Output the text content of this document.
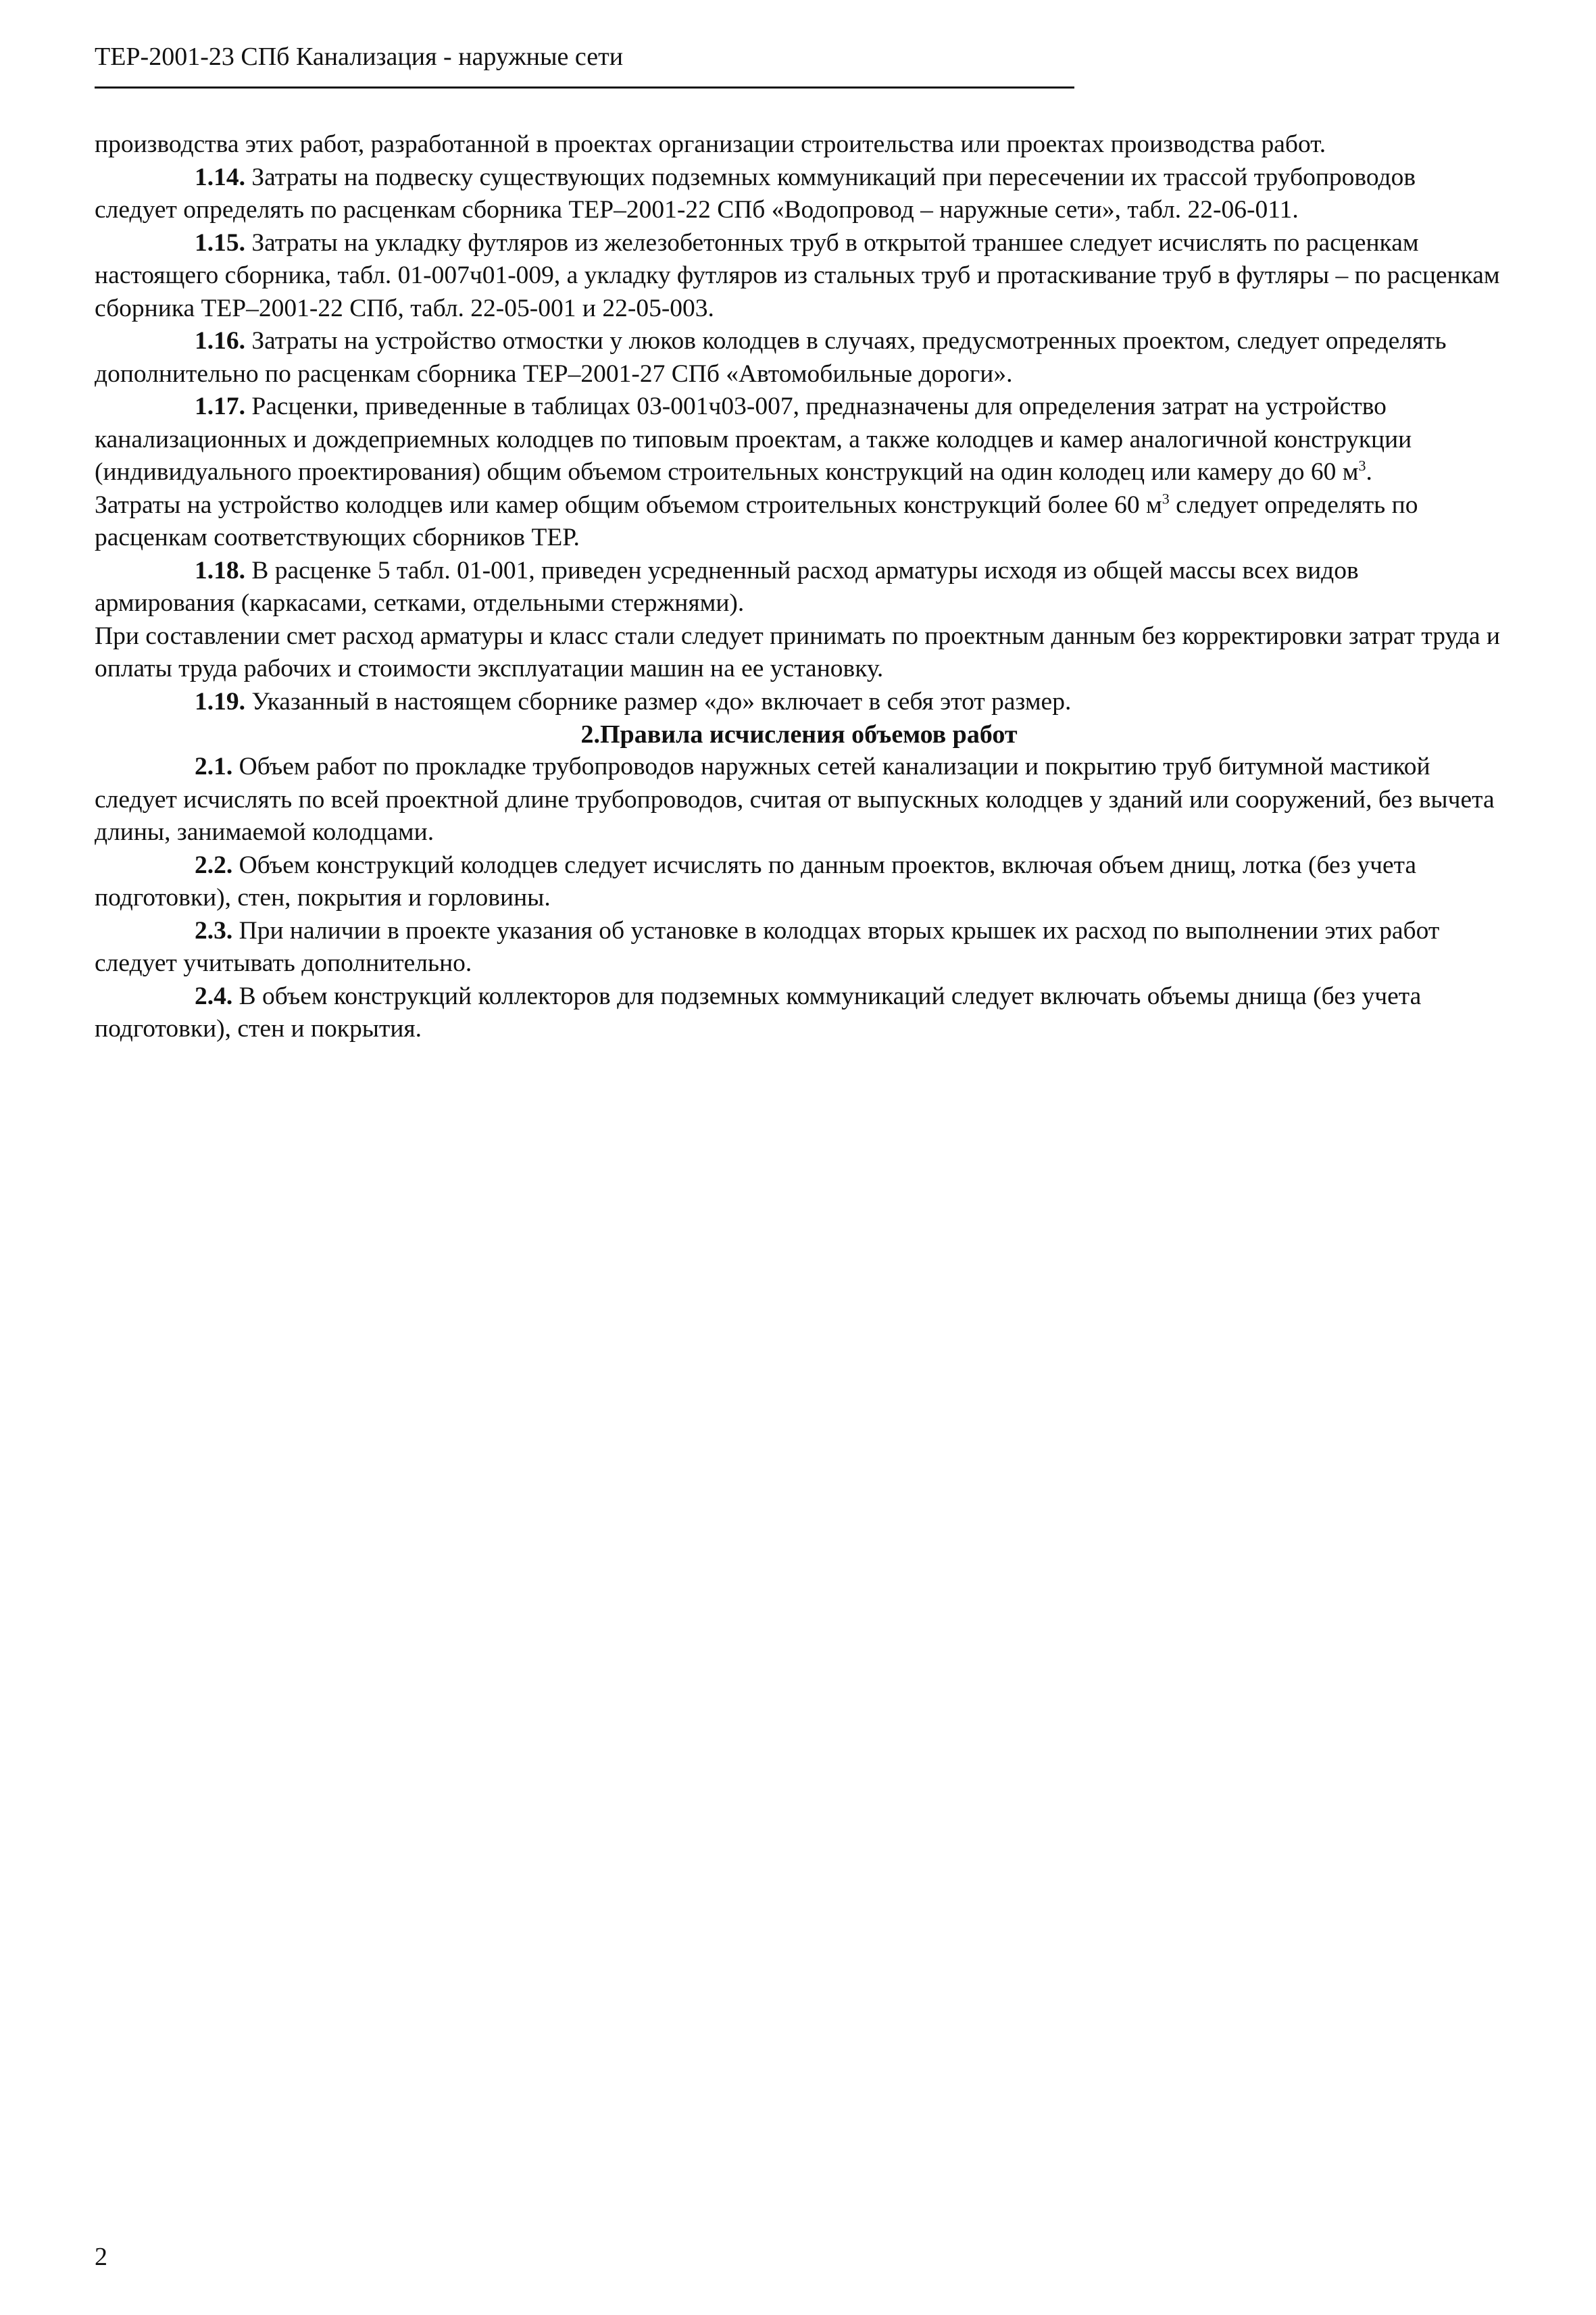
ТЕР-2001-23 СПб Канализация - наружные сети

производства этих работ, разработанной в проектах организации строительства или проектах производства работ.

1.14. Затраты на подвеску существующих подземных коммуникаций при пересечении их трассой трубопроводов следует определять по расценкам сборника ТЕР–2001-22 СПб «Водопровод – наружные сети», табл. 22-06-011.

1.15. Затраты на укладку футляров из железобетонных труб в открытой траншее следует исчислять по расценкам настоящего сборника, табл. 01-007ч01-009, а укладку футляров из стальных труб и протаскивание труб в футляры – по расценкам сборника ТЕР–2001-22 СПб, табл. 22-05-001 и 22-05-003.

1.16. Затраты на устройство отмостки у люков колодцев в случаях, предусмотренных проектом, следует определять дополнительно по расценкам сборника ТЕР–2001-27 СПб «Автомобильные дороги».

1.17. Расценки, приведенные в таблицах 03-001ч03-007, предназначены для определения затрат на устройство канализационных и дождеприемных колодцев по типовым проектам, а также колодцев и камер аналогичной конструкции (индивидуального проектирования) общим объемом строительных конструкций на один колодец или камеру до 60 $м^3$.

Затраты на устройство колодцев или камер общим объемом строительных конструкций более 60 $м^3$ следует определять по расценкам соответствующих сборников ТЕР.

1.18. В расценке 5 табл. 01-001, приведен усредненный расход арматуры исходя из общей массы всех видов армирования (каркасами, сетками, отдельными стержнями).

При составлении смет расход арматуры и класс стали следует принимать по проектным данным без корректировки затрат труда и оплаты труда рабочих и стоимости эксплуатации машин на ее установку.

1.19. Указанный в настоящем сборнике размер «до» включает в себя этот размер.

2.Правила исчисления объемов работ

2.1. Объем работ по прокладке трубопроводов наружных сетей канализации и покрытию труб битумной мастикой следует исчислять по всей проектной длине трубопроводов, считая от выпускных колодцев у зданий или сооружений, без вычета длины, занимаемой колодцами.

2.2. Объем конструкций колодцев следует исчислять по данным проектов, включая объем днищ, лотка (без учета подготовки), стен, покрытия и горловины.

2.3. При наличии в проекте указания об установке в колодцах вторых крышек их расход по выполнении этих работ следует учитывать дополнительно.

2.4. В объем конструкций коллекторов для подземных коммуникаций следует включать объемы днища (без учета подготовки), стен и покрытия.

2
